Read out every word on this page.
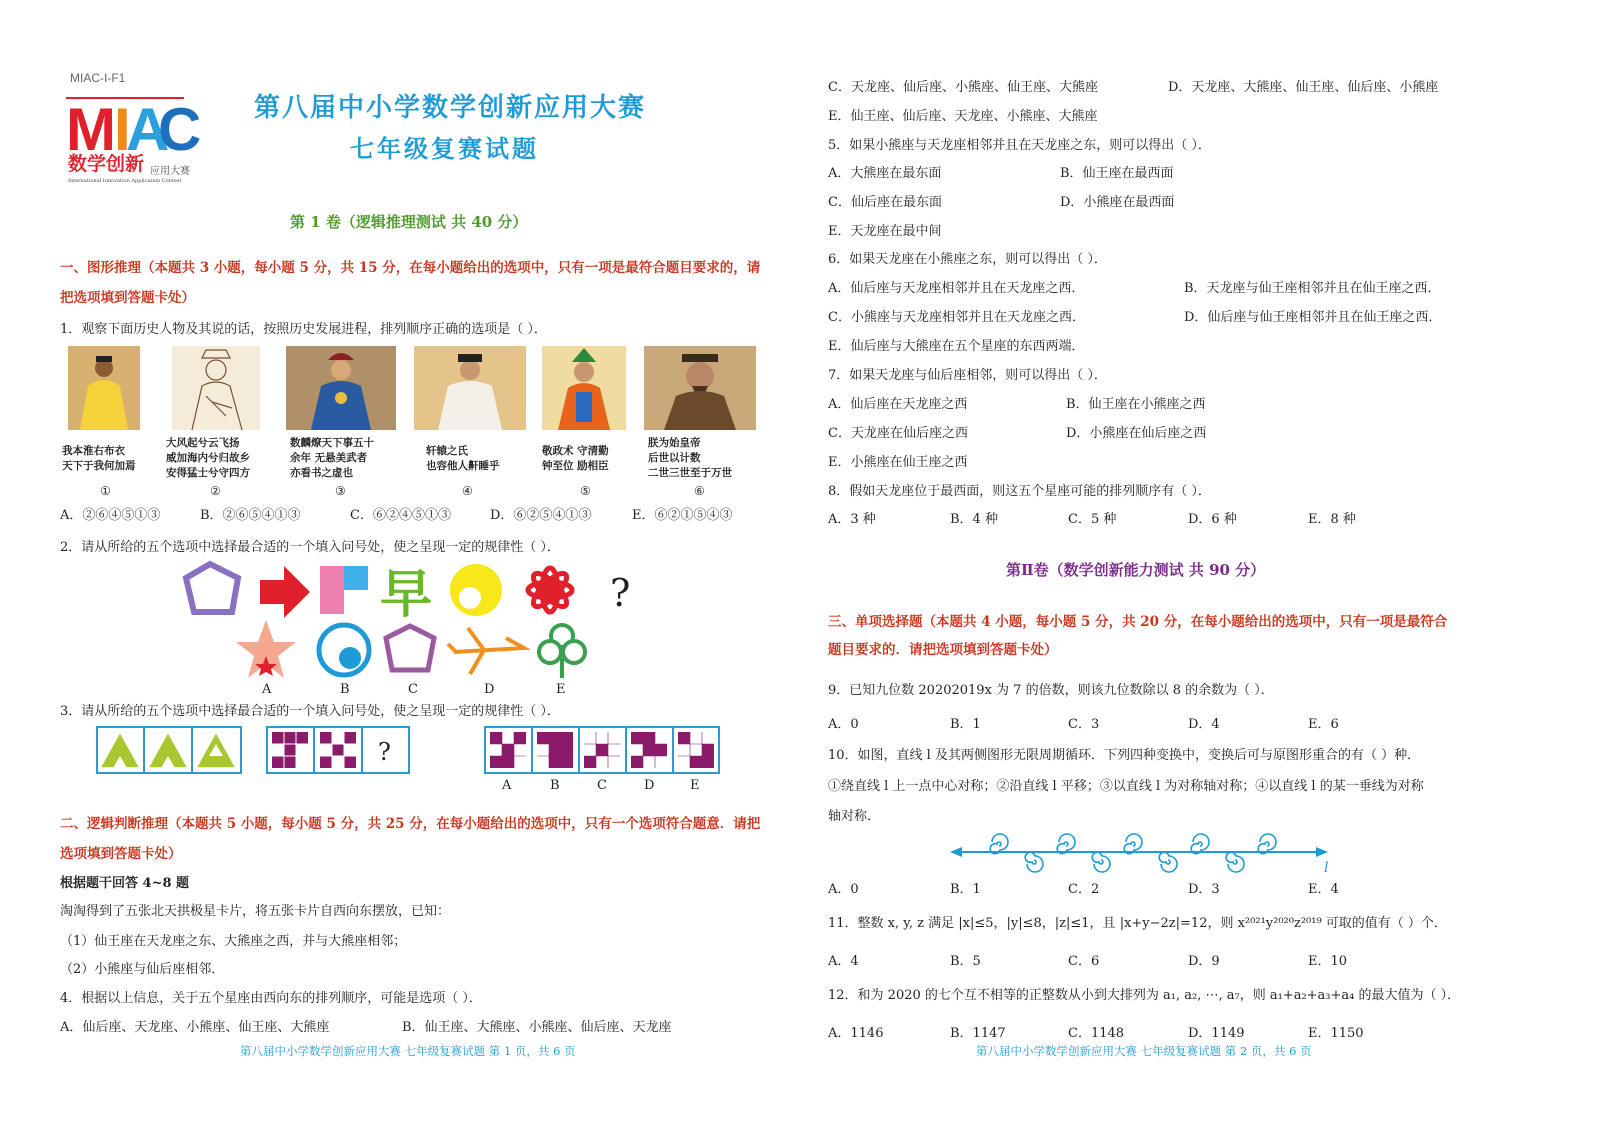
MIAC-I-F1
M I A
C
数学创新 应用大赛
International Innovation Application Contest
第八届中小学数学创新应用大赛
七年级复赛试题
第 1 卷（逻辑推理测试 共 40 分）
一、图形推理（本题共 3 小题，每小题 5 分，共 15 分，在每小题给出的选项中，只有一项是最符合题目要求的，请
把选项填到答题卡处）
1．观察下面历史人物及其说的话，按照历史发展进程，排列顺序正确的选项是（ ）．
我本淮右布衣
天下于我何加焉
大风起兮云飞扬
威加海内兮归故乡
安得猛士兮守四方
数麟燎天下事五十
余年 无悬美武者
亦看书之虚也
轩辕之氏
也容他人鼾睡乎
敬政术 守清勤
钟至位 励相臣
朕为始皇帝
后世以计数
二世三世至于万世
①	②	③	④	⑤	⑥
A．②⑥④⑤①③	B．②⑥⑤④①③	C．⑥②④⑤①③	D．⑥②⑤④①③	E．⑥②①⑤④③
2．请从所给的五个选项中选择最合适的一个填入问号处，使之呈现一定的规律性（ ）．
早	?
A	B	C	D	E
3．请从所给的五个选项中选择最合适的一个填入问号处，使之呈现一定的规律性（ ）．
?
A	B	C	D	E
二、逻辑判断推理（本题共 5 小题，每小题 5 分，共 25 分，在每小题给出的选项中，只有一个选项符合题意．请把
选项填到答题卡处）
根据题干回答 4~8 题
淘淘得到了五张北天拱极星卡片，将五张卡片自西向东摆放，已知：
（1）仙王座在天龙座之东、大熊座之西，并与大熊座相邻；
（2）小熊座与仙后座相邻．
4．根据以上信息，关于五个星座由西向东的排列顺序，可能是选项（ ）．
A．仙后座、天龙座、小熊座、仙王座、大熊座	B．仙王座、大熊座、小熊座、仙后座、天龙座
第八届中小学数学创新应用大赛 七年级复赛试题 第 1 页，共 6 页
C．天龙座、仙后座、小熊座、仙王座、大熊座	D．天龙座、大熊座、仙王座、仙后座、小熊座
E．仙王座、仙后座、天龙座、小熊座、大熊座
5．如果小熊座与天龙座相邻并且在天龙座之东，则可以得出（ ）．
A．大熊座在最东面	B．仙王座在最西面
C．仙后座在最东面	D．小熊座在最西面
E．天龙座在最中间
6．如果天龙座在小熊座之东，则可以得出（ ）．
A．仙后座与天龙座相邻并且在天龙座之西．	B．天龙座与仙王座相邻并且在仙王座之西．
C．小熊座与天龙座相邻并且在天龙座之西．	D．仙后座与仙王座相邻并且在仙王座之西．
E．仙后座与大熊座在五个星座的东西两端．
7．如果天龙座与仙后座相邻，则可以得出（ ）．
A．仙后座在天龙座之西	B．仙王座在小熊座之西
C．天龙座在仙后座之西	D．小熊座在仙后座之西
E．小熊座在仙王座之西
8．假如天龙座位于最西面，则这五个星座可能的排列顺序有（ ）．
A．3 种	B．4 种	C．5 种	D．6 种	E．8 种
第Ⅱ卷（数学创新能力测试 共 90 分）
三、单项选择题（本题共 4 小题，每小题 5 分，共 20 分，在每小题给出的选项中，只有一项是最符合
题目要求的．请把选项填到答题卡处）
9．已知九位数 20202019x 为 7 的倍数，则该九位数除以 8 的余数为（ ）．
A．0	B．1	C．3	D．4	E．6
10．如图，直线 l 及其两侧图形无限周期循环．下列四种变换中，变换后可与原图形重合的有（ ）种．
①绕直线 l 上一点中心对称；②沿直线 l 平移；③以直线 l 为对称轴对称；④以直线 l 的某一垂线为对称
轴对称．
l
A．0	B．1	C．2	D．3	E．4
11．整数 x, y, z 满足 |x|≤5，|y|≤8，|z|≤1，且 |x+y−2z|=12，则 x²⁰²¹y²⁰²⁰z²⁰¹⁹ 可取的值有（ ）个．
A．4	B．5	C．6	D．9	E．10
12．和为 2020 的七个互不相等的正整数从小到大排列为 a₁, a₂, ⋯, a₇，则 a₁+a₂+a₃+a₄ 的最大值为（ ）．
A．1146	B．1147	C．1148	D．1149	E．1150
第八届中小学数学创新应用大赛 七年级复赛试题 第 2 页，共 6 页
